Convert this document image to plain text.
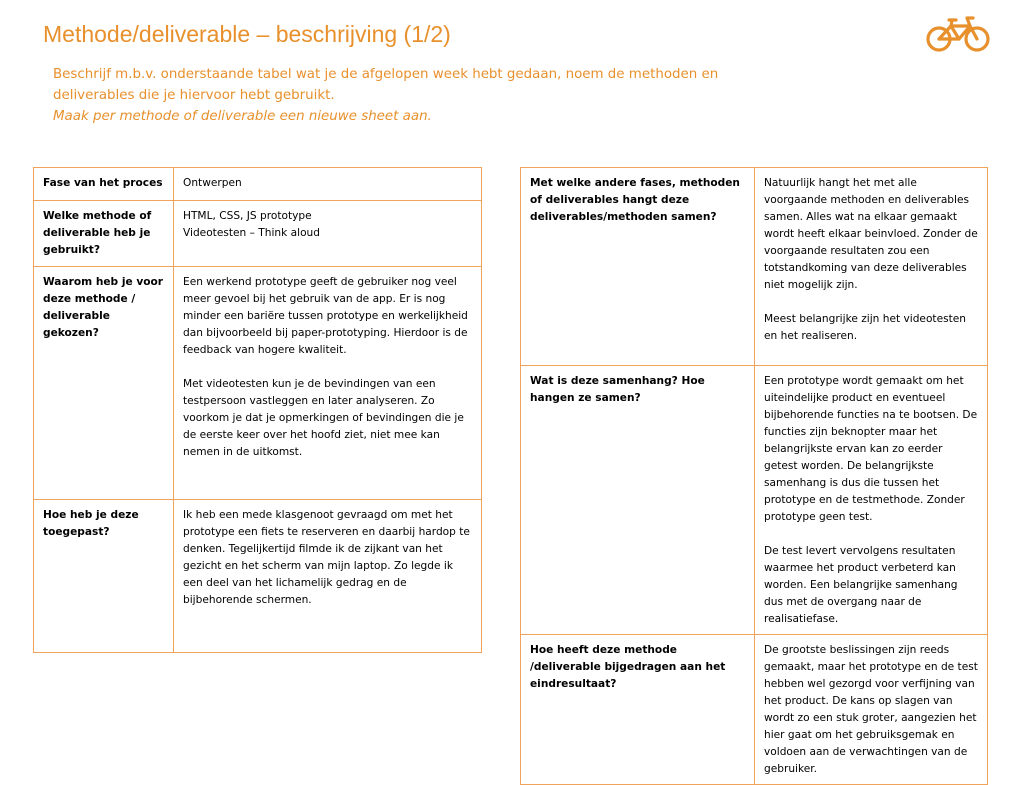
Methode/deliverable – beschrijving (1/2)
Beschrijf m.b.v. onderstaande tabel wat je de afgelopen week hebt gedaan, noem de methoden en
deliverables die je hiervoor hebt gebruikt.
Maak per methode of deliverable een nieuwe sheet aan.
Fase van het proces	Ontwerpen

Welke methode of deliverable heb je gebruikt?	HTML, CSS, JS prototype
Videotesten – Think aloud

Waarom heb je voor deze methode / deliverable gekozen?	Een werkend prototype geeft de gebruiker nog veel meer gevoel bij het gebruik van de app. Er is nog minder een bariëre tussen prototype en werkelijkheid dan bijvoorbeeld bij paper-prototyping. Hierdoor is de feedback van hogere kwaliteit.

Met videotesten kun je de bevindingen van een testpersoon vastleggen en later analyseren. Zo voorkom je dat je opmerkingen of bevindingen die je de eerste keer over het hoofd ziet, niet mee kan nemen in de uitkomst.

Hoe heb je deze toegepast?	Ik heb een mede klasgenoot gevraagd om met het prototype een fiets te reserveren en daarbij hardop te denken. Tegelijkertijd filmde ik de zijkant van het gezicht en het scherm van mijn laptop. Zo legde ik een deel van het lichamelijk gedrag en de bijbehorende schermen.
Met welke andere fases, methoden of deliverables hangt deze deliverables/methoden samen?	Natuurlijk hangt het met alle voorgaande methoden en deliverables samen. Alles wat na elkaar gemaakt wordt heeft elkaar beinvloed. Zonder de voorgaande resultaten zou een totstandkoming van deze deliverables niet mogelijk zijn.

Meest belangrijke zijn het videotesten en het realiseren.

Wat is deze samenhang? Hoe hangen ze samen?	Een prototype wordt gemaakt om het uiteindelijke product en eventueel bijbehorende functies na te bootsen. De functies zijn beknopter maar het belangrijkste ervan kan zo eerder getest worden. De belangrijkste samenhang is dus die tussen het prototype en de testmethode. Zonder prototype geen test.

De test levert vervolgens resultaten waarmee het product verbeterd kan worden. Een belangrijke samenhang dus met de overgang naar de realisatiefase.

Hoe heeft deze methode /deliverable bijgedragen aan het eindresultaat?	De grootste beslissingen zijn reeds gemaakt, maar het prototype en de test hebben wel gezorgd voor verfijning van het product. De kans op slagen van wordt zo een stuk groter, aangezien het hier gaat om het gebruiksgemak en voldoen aan de verwachtingen van de gebruiker.
